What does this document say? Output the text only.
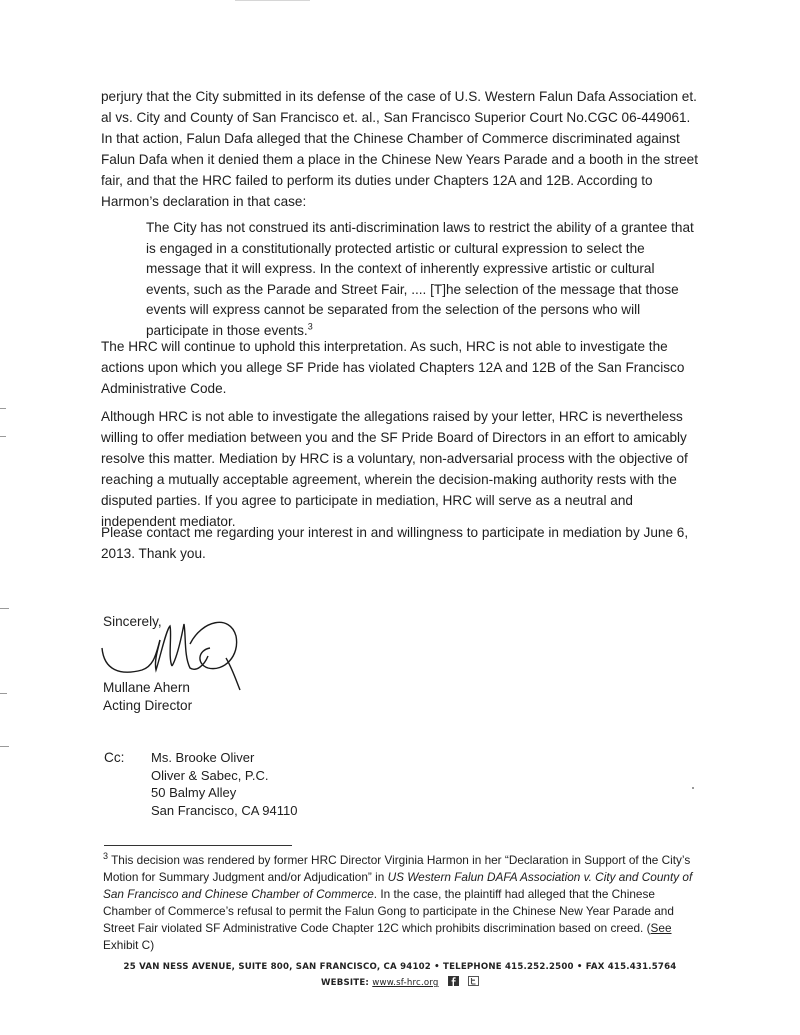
perjury that the City submitted in its defense of the case of U.S. Western Falun Dafa Association et. al vs. City and County of San Francisco et. al., San Francisco Superior Court No.CGC 06-449061. In that action, Falun Dafa alleged that the Chinese Chamber of Commerce discriminated against Falun Dafa when it denied them a place in the Chinese New Years Parade and a booth in the street fair, and that the HRC failed to perform its duties under Chapters 12A and 12B. According to Harmon’s declaration in that case:

The City has not construed its anti-discrimination laws to restrict the ability of a grantee that is engaged in a constitutionally protected artistic or cultural expression to select the message that it will express. In the context of inherently expressive artistic or cultural events, such as the Parade and Street Fair, .... [T]he selection of the message that those events will express cannot be separated from the selection of the persons who will participate in those events.$^3$

The HRC will continue to uphold this interpretation. As such, HRC is not able to investigate the actions upon which you allege SF Pride has violated Chapters 12A and 12B of the San Francisco Administrative Code.

Although HRC is not able to investigate the allegations raised by your letter, HRC is nevertheless willing to offer mediation between you and the SF Pride Board of Directors in an effort to amicably resolve this matter. Mediation by HRC is a voluntary, non-adversarial process with the objective of reaching a mutually acceptable agreement, wherein the decision-making authority rests with the disputed parties. If you agree to participate in mediation, HRC will serve as a neutral and independent mediator.

Please contact me regarding your interest in and willingness to participate in mediation by June 6, 2013. Thank you.

Sincerely,
Mullane Ahern
Acting Director
Cc: Ms. Brooke Oliver
Oliver & Sabec, P.C.
50 Balmy Alley
San Francisco, CA 94110

$^3$ This decision was rendered by former HRC Director Virginia Harmon in her “Declaration in Support of the City’s Motion for Summary Judgment and/or Adjudication” in US Western Falun DAFA Association v. City and County of San Francisco and Chinese Chamber of Commerce. In the case, the plaintiff had alleged that the Chinese Chamber of Commerce’s refusal to permit the Falun Gong to participate in the Chinese New Year Parade and Street Fair violated SF Administrative Code Chapter 12C which prohibits discrimination based on creed. (See Exhibit C)

25 VAN NESS AVENUE, SUITE 800, SAN FRANCISCO, CA 94102 • TELEPHONE 415.252.2500 • FAX 415.431.5764
WEBSITE: www.sf-hrc.org
